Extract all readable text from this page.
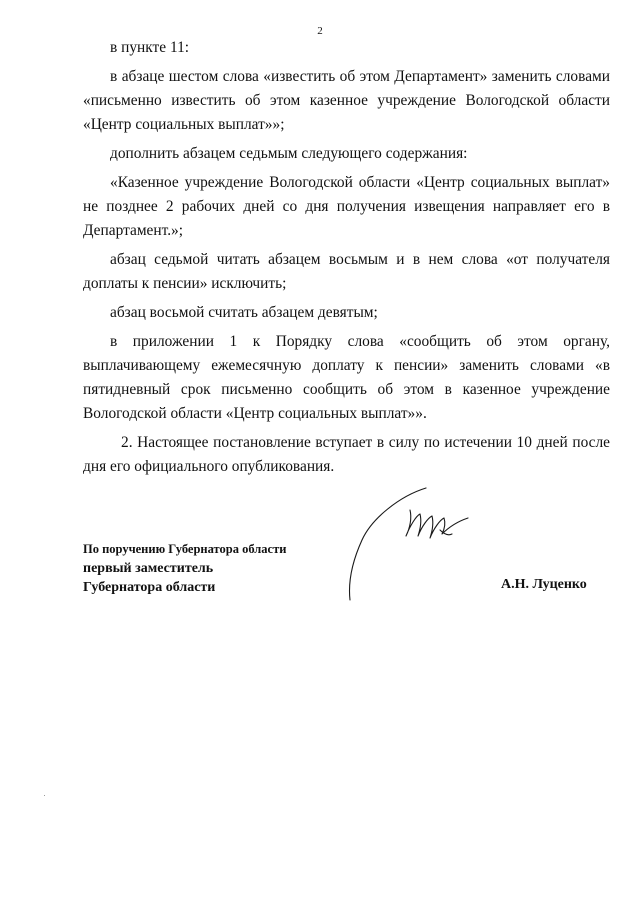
2

в пункте 11:

в абзаце шестом слова «известить об этом Департамент» заменить словами «письменно известить об этом казенное учреждение Вологодской области «Центр социальных выплат»»;

дополнить абзацем седьмым следующего содержания:

«Казенное учреждение Вологодской области «Центр социальных выплат» не позднее 2 рабочих дней со дня получения извещения направляет его в Департамент.»;

абзац седьмой читать абзацем восьмым и в нем слова «от получателя доплаты к пенсии» исключить;

абзац восьмой считать абзацем девятым;

в приложении 1 к Порядку слова «сообщить об этом органу, выплачивающему ежемесячную доплату к пенсии» заменить словами «в пятидневный срок письменно сообщить об этом в казенное учреждение Вологодской области «Центр социальных выплат»».

2. Настоящее постановление вступает в силу по истечении 10 дней после дня его официального опубликования.

По поручению Губернатора области
первый заместитель
Губернатора области	А.Н. Луценко
